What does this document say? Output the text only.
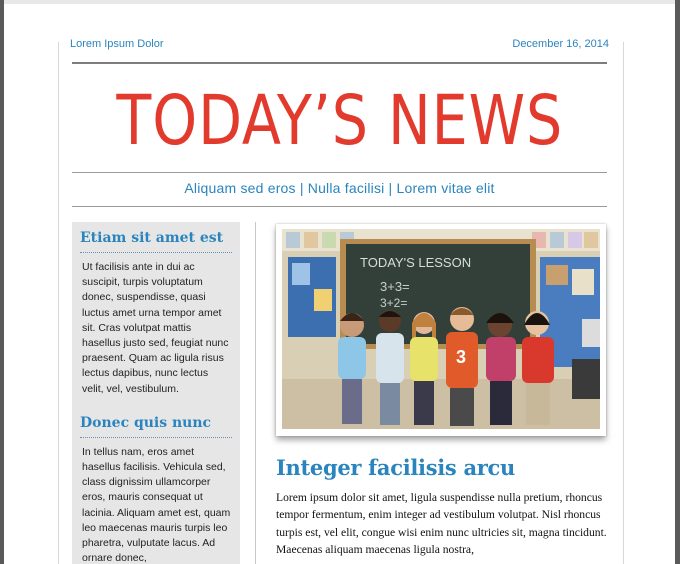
Lorem Ipsum Dolor	December 16, 2014
TODAY’S NEWS
Aliquam sed eros | Nulla facilisi | Lorem vitae elit
Etiam sit amet est
Ut facilisis ante in dui ac suscipit, turpis voluptatum donec, suspendisse, quasi luctus amet urna tempor amet sit. Cras volutpat mattis hasellus justo sed, feugiat nunc praesent. Quam ac ligula risus lectus dapibus, nunc lectus velit, vel, vestibulum.
Donec quis nunc
In tellus nam, eros amet hasellus facilisis. Vehicula sed, class dignissim ullamcorper eros, mauris consequat ut lacinia. Aliquam amet est, quam leo maecenas mauris turpis leo pharetra, vulputate lacus. Ad ornare donec,
TODAY'S LESSON
3+3=
3+2=
3
Integer facilisis arcu
Lorem ipsum dolor sit amet, ligula suspendisse nulla pretium, rhoncus tempor fermentum, enim integer ad vestibulum volutpat. Nisl rhoncus turpis est, vel elit, congue wisi enim nunc ultricies sit, magna tincidunt. Maecenas aliquam maecenas ligula nostra,
